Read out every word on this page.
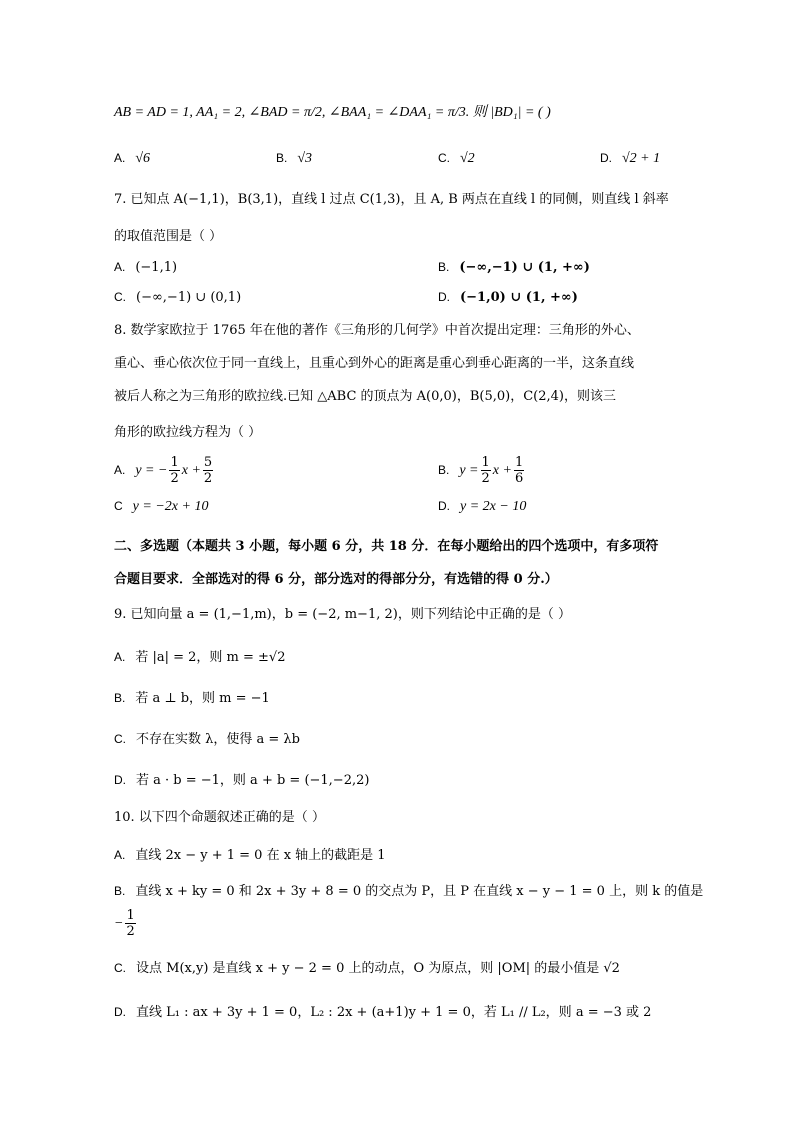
AB = AD = 1, AA₁ = 2, ∠BAD = π/2, ∠BAA₁ = ∠DAA₁ = π/3. 则 |BD₁| = ( )
A. √6	B. √3	C. √2	D. √2 + 1
7. 已知点 A(−1,1)，B(3,1)，直线 l 过点 C(1,3)，且 A, B 两点在直线 l 的同侧，则直线 l 斜率
的取值范围是（ ）
A. (−1,1)	B. (−∞,−1) ∪ (1, +∞)
C. (−∞,−1) ∪ (0,1)	D. (−1,0) ∪ (1, +∞)
8. 数学家欧拉于 1765 年在他的著作《三角形的几何学》中首次提出定理：三角形的外心、
重心、垂心依次位于同一直线上，且重心到外心的距离是重心到垂心距离的一半，这条直线
被后人称之为三角形的欧拉线.已知 △ABC 的顶点为 A(0,0)，B(5,0)，C(2,4)，则该三
角形的欧拉线方程为（ ）
A. y = − $\frac{1}{2}$ $x + \frac{5}{2}$	B. $y = \frac{1}{2}$ $x + \frac{1}{6}$
C y = −2x + 10	D. y = 2x − 10
二、多选题（本题共 3 小题，每小题 6 分，共 18 分．在每小题给出的四个选项中，有多项符
合题目要求．全部选对的得 6 分，部分选对的得部分分，有选错的得 0 分.）
9. 已知向量 a = (1,−1,m)，b = (−2, m−1, 2)，则下列结论中正确的是（ ）
A. 若 |a| = 2，则 m = ±√2
B. 若 a ⊥ b，则 m = −1
C. 不存在实数 λ，使得 a = λb
D. 若 a · b = −1，则 a + b = (−1,−2,2)
10. 以下四个命题叙述正确的是（ ）
A. 直线 2x − y + 1 = 0 在 x 轴上的截距是 1
B. 直线 x + ky = 0 和 2x + 3y + 8 = 0 的交点为 P，且 P 在直线 x − y − 1 = 0 上，则 k 的值是
− $\frac{1}{2}$
C. 设点 M(x,y) 是直线 x + y − 2 = 0 上的动点，O 为原点，则 |OM| 的最小值是 √2
D. 直线 L₁ : ax + 3y + 1 = 0，L₂ : 2x + (a+1)y + 1 = 0，若 L₁ // L₂，则 a = −3 或 2
